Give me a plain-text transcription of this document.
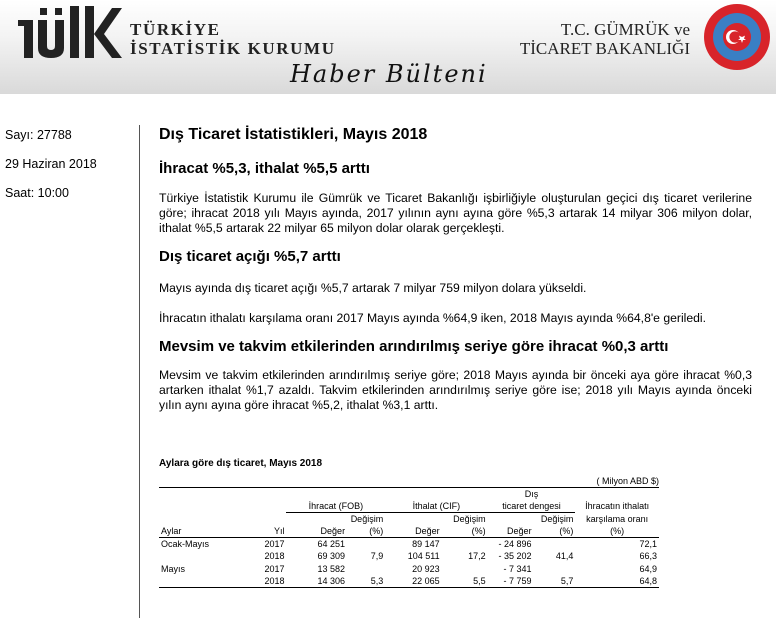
TÜRKİYE
İSTATİSTİK KURUMU
T.C. GÜMRÜK ve
TİCARET BAKANLIĞI
Haber Bülteni
Sayı: 27788
29 Haziran 2018
Saat: 10:00
Dış Ticaret İstatistikleri, Mayıs 2018
İhracat %5,3, ithalat %5,5 arttı

Türkiye İstatistik Kurumu ile Gümrük ve Ticaret Bakanlığı işbirliğiyle oluşturulan geçici dış ticaret verilerine göre; ihracat 2018 yılı Mayıs ayında, 2017 yılının aynı ayına göre %5,3 artarak 14 milyar 306 milyon dolar, ithalat %5,5 artarak 22 milyar 65 milyon dolar olarak gerçekleşti.

Dış ticaret açığı %5,7 arttı

Mayıs ayında dış ticaret açığı %5,7 artarak 7 milyar 759 milyon dolara yükseldi.

İhracatın ithalatı karşılama oranı 2017 Mayıs ayında %64,9 iken, 2018 Mayıs ayında %64,8'e geriledi.

Mevsim ve takvim etkilerinden arındırılmış seriye göre ihracat %0,3 arttı

Mevsim ve takvim etkilerinden arındırılmış seriye göre; 2018 Mayıs ayında bir önceki aya göre ihracat %0,3 artarken ithalat %1,7 azaldı. Takvim etkilerinden arındırılmış seriye göre ise; 2018 yılı Mayıs ayında önceki yılın aynı ayına göre ihracat %5,2, ithalat %3,1 arttı.

Aylara göre dış ticaret, Mayıs 2018
( Milyon ABD $)
						Dış		
		İhracat (FOB)		İthalat (CIF)		ticaret dengesi		İhracatın ithalatı
			Değişim		Değişim		Değişim	karşılama oranı
Aylar	Yıl	Değer	(%)	Değer	(%)	Değer	(%)	(%)
Ocak-Mayıs	2017	64 251		89 147		- 24 896		72,1
	2018	69 309	7,9	104 511	17,2	- 35 202	41,4	66,3
Mayıs	2017	13 582		20 923		- 7 341		64,9
	2018	14 306	5,3	22 065	5,5	- 7 759	5,7	64,8
